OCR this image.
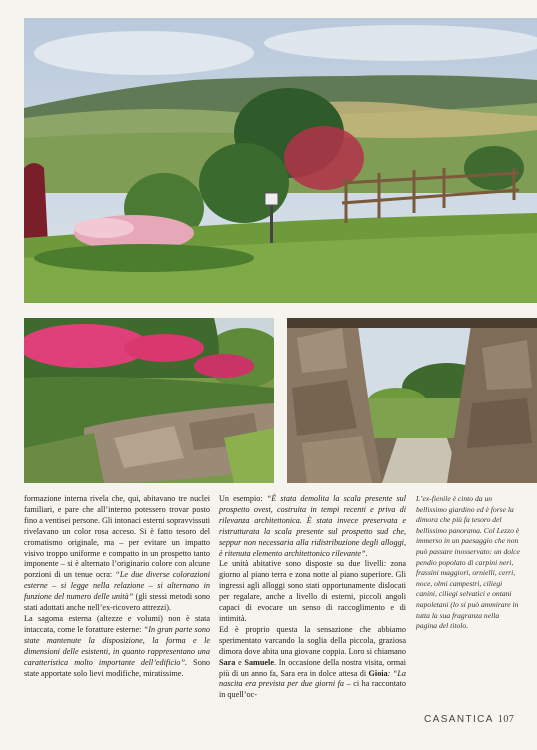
formazione interna rivela che, qui, abitavano tre nuclei familiari, e pare che all’interno potessero trovar posto fino a ventisei persone. Gli intonaci esterni sopravvissuti rivelavano un color rosa acceso. Si è fatto tesoro del cromatismo originale, ma – per evitare un impatto visivo troppo uniforme e compatto in un prospetto tanto imponente – si è alternato l’originario colore con alcune porzioni di un tenue ocra: “Le due diverse colorazioni esterne – si legge nella relazione – si alternano in funzione del numero delle unità” (gli stessi metodi sono stati adottati anche nell’ex-ricovero attrezzi).

La sagoma esterna (altezze e volumi) non è stata intaccata, come le foratture esterne: “In gran parte sono state mantenute la disposizione, la forma e le dimensioni delle esistenti, in quanto rappresentano una caratteristica molto importante dell’edificio”. Sono state apportate solo lievi modifiche, miratissime.

Un esempio: “È stata demolita la scala presente sul prospetto ovest, costruita in tempi recenti e priva di rilevanza architettonica. È stata invece preservata e ristrutturata la scala presente sul prospetto sud che, seppur non necessaria alla ridistribuzione degli alloggi, è ritenuta elemento architettonico rilevante”.

Le unità abitative sono disposte su due livelli: zona giorno al piano terra e zona notte al piano superiore. Gli ingressi agli alloggi sono stati opportunamente dislocati per regalare, anche a livello di esterni, piccoli angoli capaci di evocare un senso di raccoglimento e di intimità.

Ed è proprio questa la sensazione che abbiamo sperimentato varcando la soglia della piccola, graziosa dimora dove abita una giovane coppia. Loro si chiamano Sara e Samuele. In occasione della nostra visita, ormai più di un anno fa, Sara era in dolce attesa di Gioia: “La nascita era prevista per due giorni fa – ci ha raccontato in quell’oc-

L’ex-fienile è cinto da un bellissimo giardino ed è forse la dimora che più fa tesoro del bellissimo panorama. Col Lezzo è immerso in un paesaggio che non può passare inosservato: un dolce pendio popolato di carpini neri, frassini maggiori, ornielli, cerri, noce, olmi campestri, ciliegi canini, ciliegi selvatici e ontani napoletani (lo si può ammirare in tutta la sua fragranza nella pagina del titolo.

CASANTICA 107
